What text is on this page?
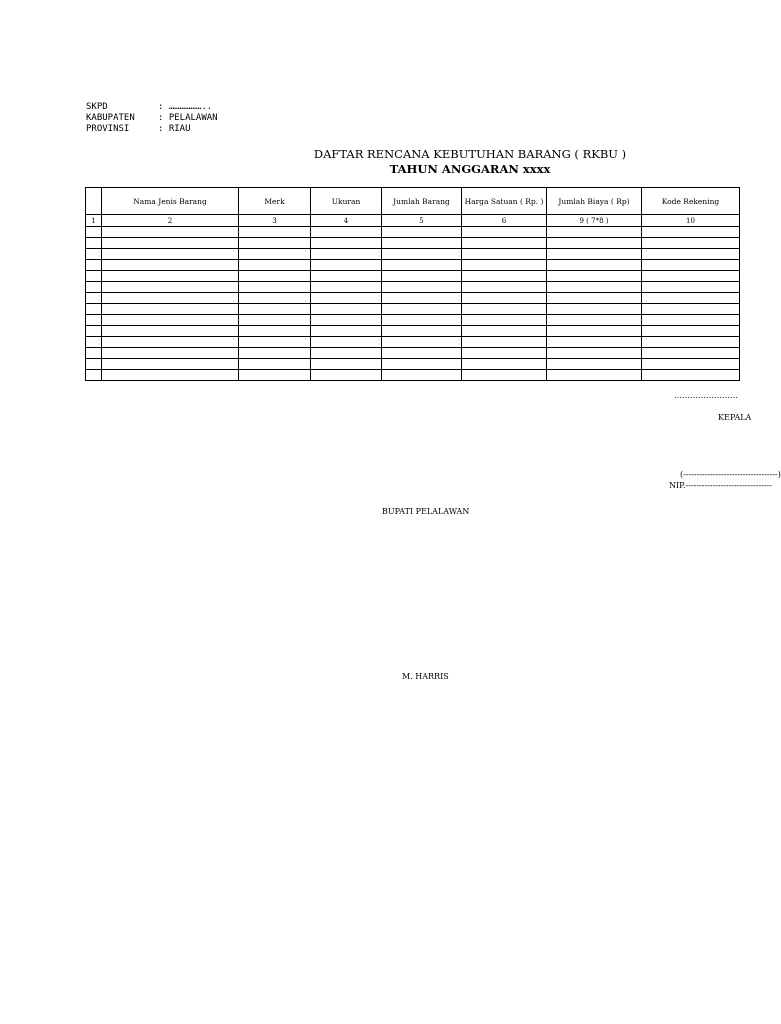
SKPD	: ………………..
KABUPATEN	: PELALAWAN
PROVINSI	: RIAU
DAFTAR RENCANA KEBUTUHAN BARANG ( RKBU )
TAHUN ANGGARAN xxxx
	Nama Jenis Barang	Merk	Ukuran	Jumlah Barang	Harga Satuan ( Rp. )	Jumlah Biaya ( Rp)	Kode Rekening
1	2	3	4	5	6	9 ( 7*8 )	10

……………………
KEPALA
(-----------------------------------)
NIP.--------------------------------
BUPATI PELALAWAN
M. HARRIS
